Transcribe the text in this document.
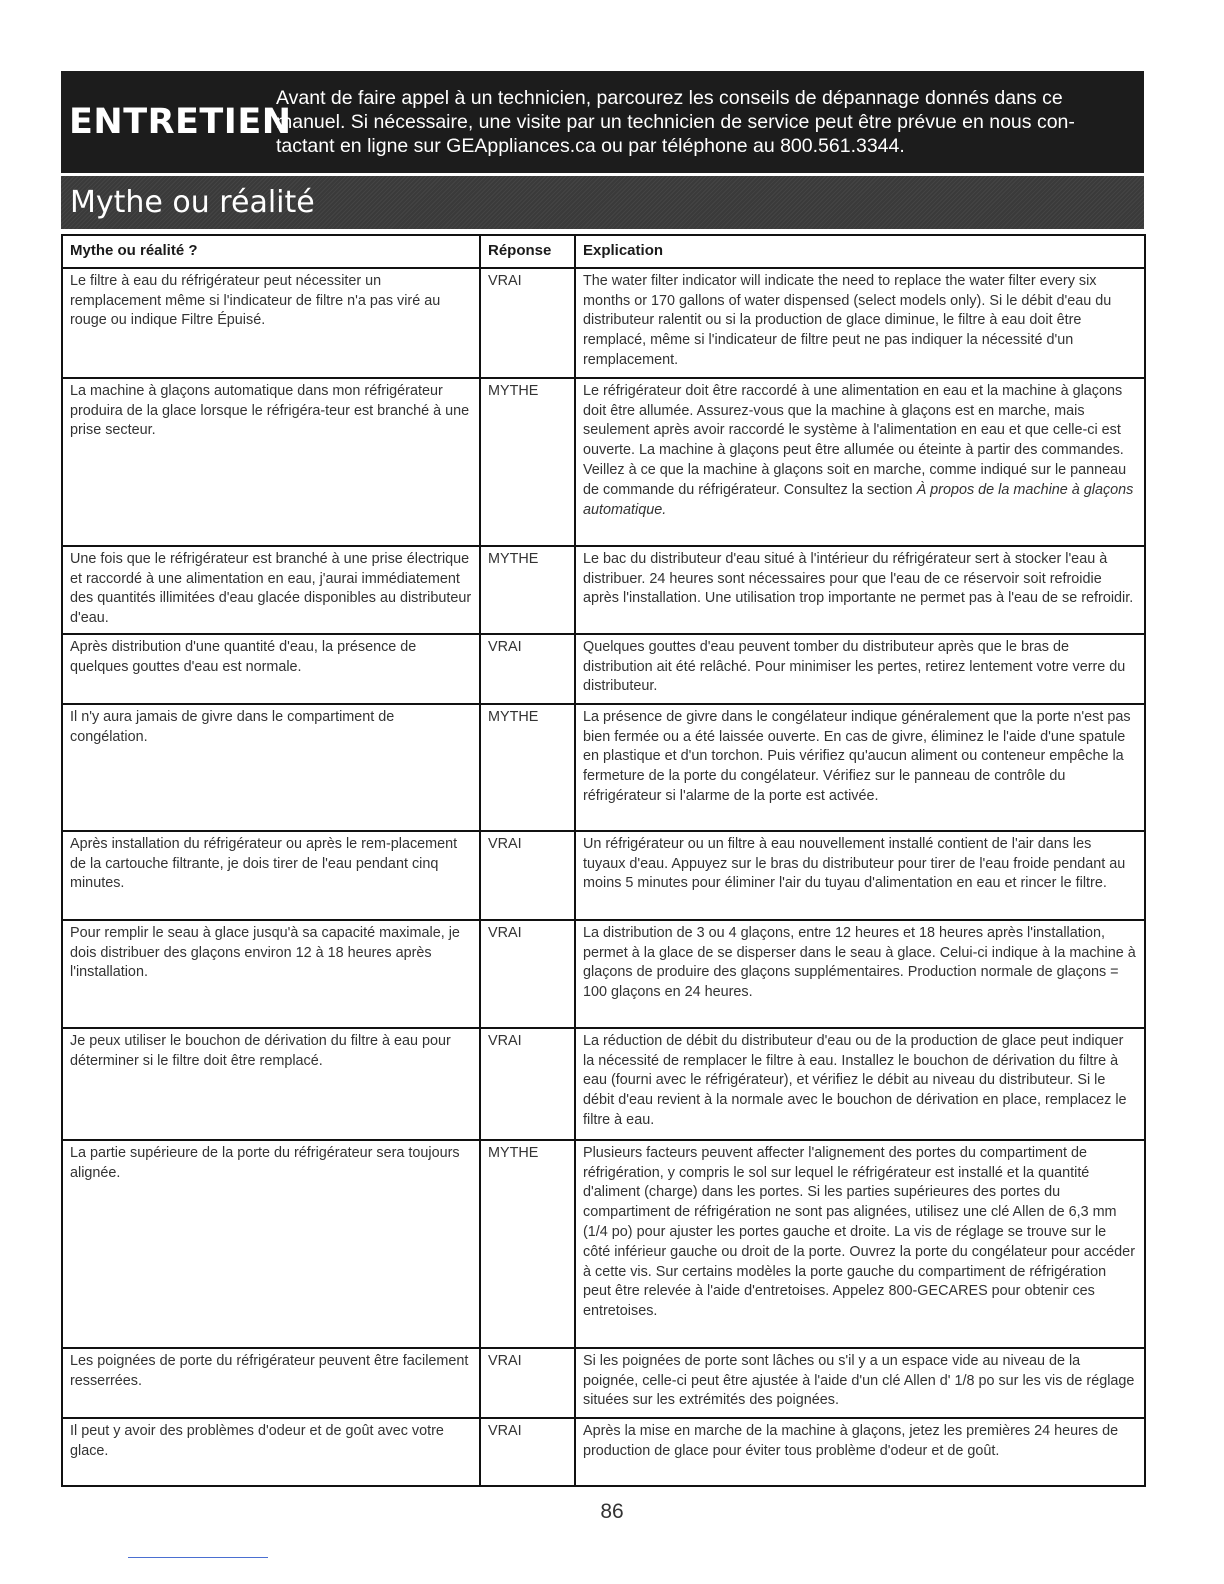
ENTRETIEN
Avant de faire appel à un technicien, parcourez les conseils de dépannage donnés dans ce manuel. Si nécessaire, une visite par un technicien de service peut être prévue en nous con-tactant en ligne sur GEAppliances.ca ou par téléphone au 800.561.3344.
Mythe ou réalité
Mythe ou réalité ?	Réponse	Explication
Le filtre à eau du réfrigérateur peut nécessiter un remplacement même si l'indicateur de filtre n'a pas viré au rouge ou indique Filtre Épuisé.	VRAI	The water filter indicator will indicate the need to replace the water filter every six months or 170 gallons of water dispensed (select models only). Si le débit d'eau du distributeur ralentit ou si la production de glace diminue, le filtre à eau doit être remplacé, même si l'indicateur de filtre peut ne pas indiquer la nécessité d'un remplacement.
La machine à glaçons automatique dans mon réfrigérateur produira de la glace lorsque le réfrigéra-teur est branché à une prise secteur.	MYTHE	Le réfrigérateur doit être raccordé à une alimentation en eau et la machine à glaçons doit être allumée. Assurez-vous que la machine à glaçons est en marche, mais seulement après avoir raccordé le système à l'alimentation en eau et que celle-ci est ouverte. La machine à glaçons peut être allumée ou éteinte à partir des commandes. Veillez à ce que la machine à glaçons soit en marche, comme indiqué sur le panneau de commande du réfrigérateur. Consultez la section À propos de la machine à glaçons automatique.
Une fois que le réfrigérateur est branché à une prise électrique et raccordé à une alimentation en eau, j'aurai immédiatement des quantités illimitées d'eau glacée disponibles au distributeur d'eau.	MYTHE	Le bac du distributeur d'eau situé à l'intérieur du réfrigérateur sert à stocker l'eau à distribuer. 24 heures sont nécessaires pour que l'eau de ce réservoir soit refroidie après l'installation. Une utilisation trop importante ne permet pas à l'eau de se refroidir.
Après distribution d'une quantité d'eau, la présence de quelques gouttes d'eau est normale.	VRAI	Quelques gouttes d'eau peuvent tomber du distributeur après que le bras de distribution ait été relâché. Pour minimiser les pertes, retirez lentement votre verre du distributeur.
Il n'y aura jamais de givre dans le compartiment de congélation.	MYTHE	La présence de givre dans le congélateur indique généralement que la porte n'est pas bien fermée ou a été laissée ouverte. En cas de givre, éliminez le l'aide d'une spatule en plastique et d'un torchon. Puis vérifiez qu'aucun aliment ou conteneur empêche la fermeture de la porte du congélateur. Vérifiez sur le panneau de contrôle du réfrigérateur si l'alarme de la porte est activée.
Après installation du réfrigérateur ou après le rem-placement de la cartouche filtrante, je dois tirer de l'eau pendant cinq minutes.	VRAI	Un réfrigérateur ou un filtre à eau nouvellement installé contient de l'air dans les tuyaux d'eau. Appuyez sur le bras du distributeur pour tirer de l'eau froide pendant au moins 5 minutes pour éliminer l'air du tuyau d'alimentation en eau et rincer le filtre.
Pour remplir le seau à glace jusqu'à sa capacité maximale, je dois distribuer des glaçons environ 12 à 18 heures après l'installation.	VRAI	La distribution de 3 ou 4 glaçons, entre 12 heures et 18 heures après l'installation, permet à la glace de se disperser dans le seau à glace. Celui-ci indique à la machine à glaçons de produire des glaçons supplémentaires. Production normale de glaçons = 100 glaçons en 24 heures.
Je peux utiliser le bouchon de dérivation du filtre à eau pour déterminer si le filtre doit être remplacé.	VRAI	La réduction de débit du distributeur d'eau ou de la production de glace peut indiquer la nécessité de remplacer le filtre à eau. Installez le bouchon de dérivation du filtre à eau (fourni avec le réfrigérateur), et vérifiez le débit au niveau du distributeur. Si le débit d'eau revient à la normale avec le bouchon de dérivation en place, remplacez le filtre à eau.
La partie supérieure de la porte du réfrigérateur sera toujours alignée.	MYTHE	Plusieurs facteurs peuvent affecter l'alignement des portes du compartiment de réfrigération, y compris le sol sur lequel le réfrigérateur est installé et la quantité d'aliment (charge) dans les portes. Si les parties supérieures des portes du compartiment de réfrigération ne sont pas alignées, utilisez une clé Allen de 6,3 mm (1/4 po) pour ajuster les portes gauche et droite. La vis de réglage se trouve sur le côté inférieur gauche ou droit de la porte. Ouvrez la porte du congélateur pour accéder à cette vis. Sur certains modèles la porte gauche du compartiment de réfrigération peut être relevée à l'aide d'entretoises. Appelez 800-GECARES pour obtenir ces entretoises.
Les poignées de porte du réfrigérateur peuvent être facilement resserrées.	VRAI	Si les poignées de porte sont lâches ou s'il y a un espace vide au niveau de la poignée, celle-ci peut être ajustée à l'aide d'un clé Allen d' 1/8 po sur les vis de réglage situées sur les extrémités des poignées.
Il peut y avoir des problèmes d'odeur et de goût avec votre glace.	VRAI	Après la mise en marche de la machine à glaçons, jetez les premières 24 heures de production de glace pour éviter tous problème d'odeur et de goût.
86
